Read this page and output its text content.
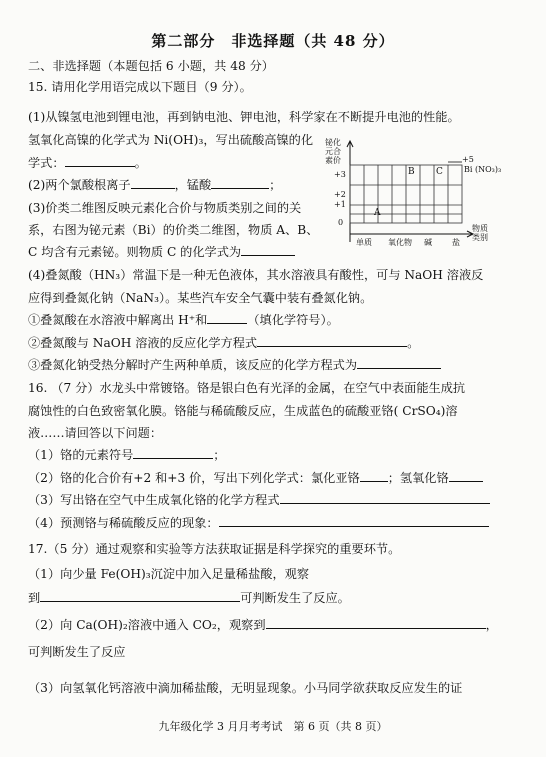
第二部分　非选择题（共 48 分）
二、非选择题（本题包括 6 小题，共 48 分）
15. 请用化学用语完成以下题目（9 分）。
(1)从镍氢电池到锂电池，再到钠电池、钾电池，科学家在不断提升电池的性能。
氢氧化高镍的化学式为 Ni(OH)₃，写出硫酸高镍的化
学式：	。
(2)两个氯酸根离子	，锰酸	；
(3)价类二维图反映元素化合价与物质类别之间的关
系，右图为铋元素（Bi）的价类二维图，物质 A、B、
C 均含有元素铋。则物质 C 的化学式为
铋化
元合
素价
+3
+2
+1
0
A
B C
+5
Bi (NO₃)₃
单质 氧化物 碱	盐
物质
类别
(4)叠氮酸（HN₃）常温下是一种无色液体，其水溶液具有酸性，可与 NaOH 溶液反
应得到叠氮化钠（NaN₃）。某些汽车安全气囊中装有叠氮化钠。
①叠氮酸在水溶液中解离出 H⁺和	（填化学符号）。
②叠氮酸与 NaOH 溶液的反应化学方程式	。
③叠氮化钠受热分解时产生两种单质，该反应的化学方程式为
16. （7 分）水龙头中常镀铬。铬是银白色有光泽的金属，在空气中表面能生成抗
腐蚀性的白色致密氧化膜。铬能与稀硫酸反应，生成蓝色的硫酸亚铬( CrSO₄)溶
液……请回答以下问题：
（1）铬的元素符号	；
（2）铬的化合价有+2 和+3 价，写出下列化学式：氯化亚铬 ；氢氧化铬
（3）写出铬在空气中生成氧化铬的化学方程式
（4）预测铬与稀硫酸反应的现象：
17.（5 分）通过观察和实验等方法获取证据是科学探究的重要环节。
（1）向少量 Fe(OH)₃沉淀中加入足量稀盐酸，观察
到	可判断发生了反应。
（2）向 Ca(OH)₂溶液中通入 CO₂，观察到	，
可判断发生了反应
（3）向氢氧化钙溶液中滴加稀盐酸，无明显现象。小马同学欲获取反应发生的证
九年级化学 3 月月考考试　第 6 页（共 8 页）
